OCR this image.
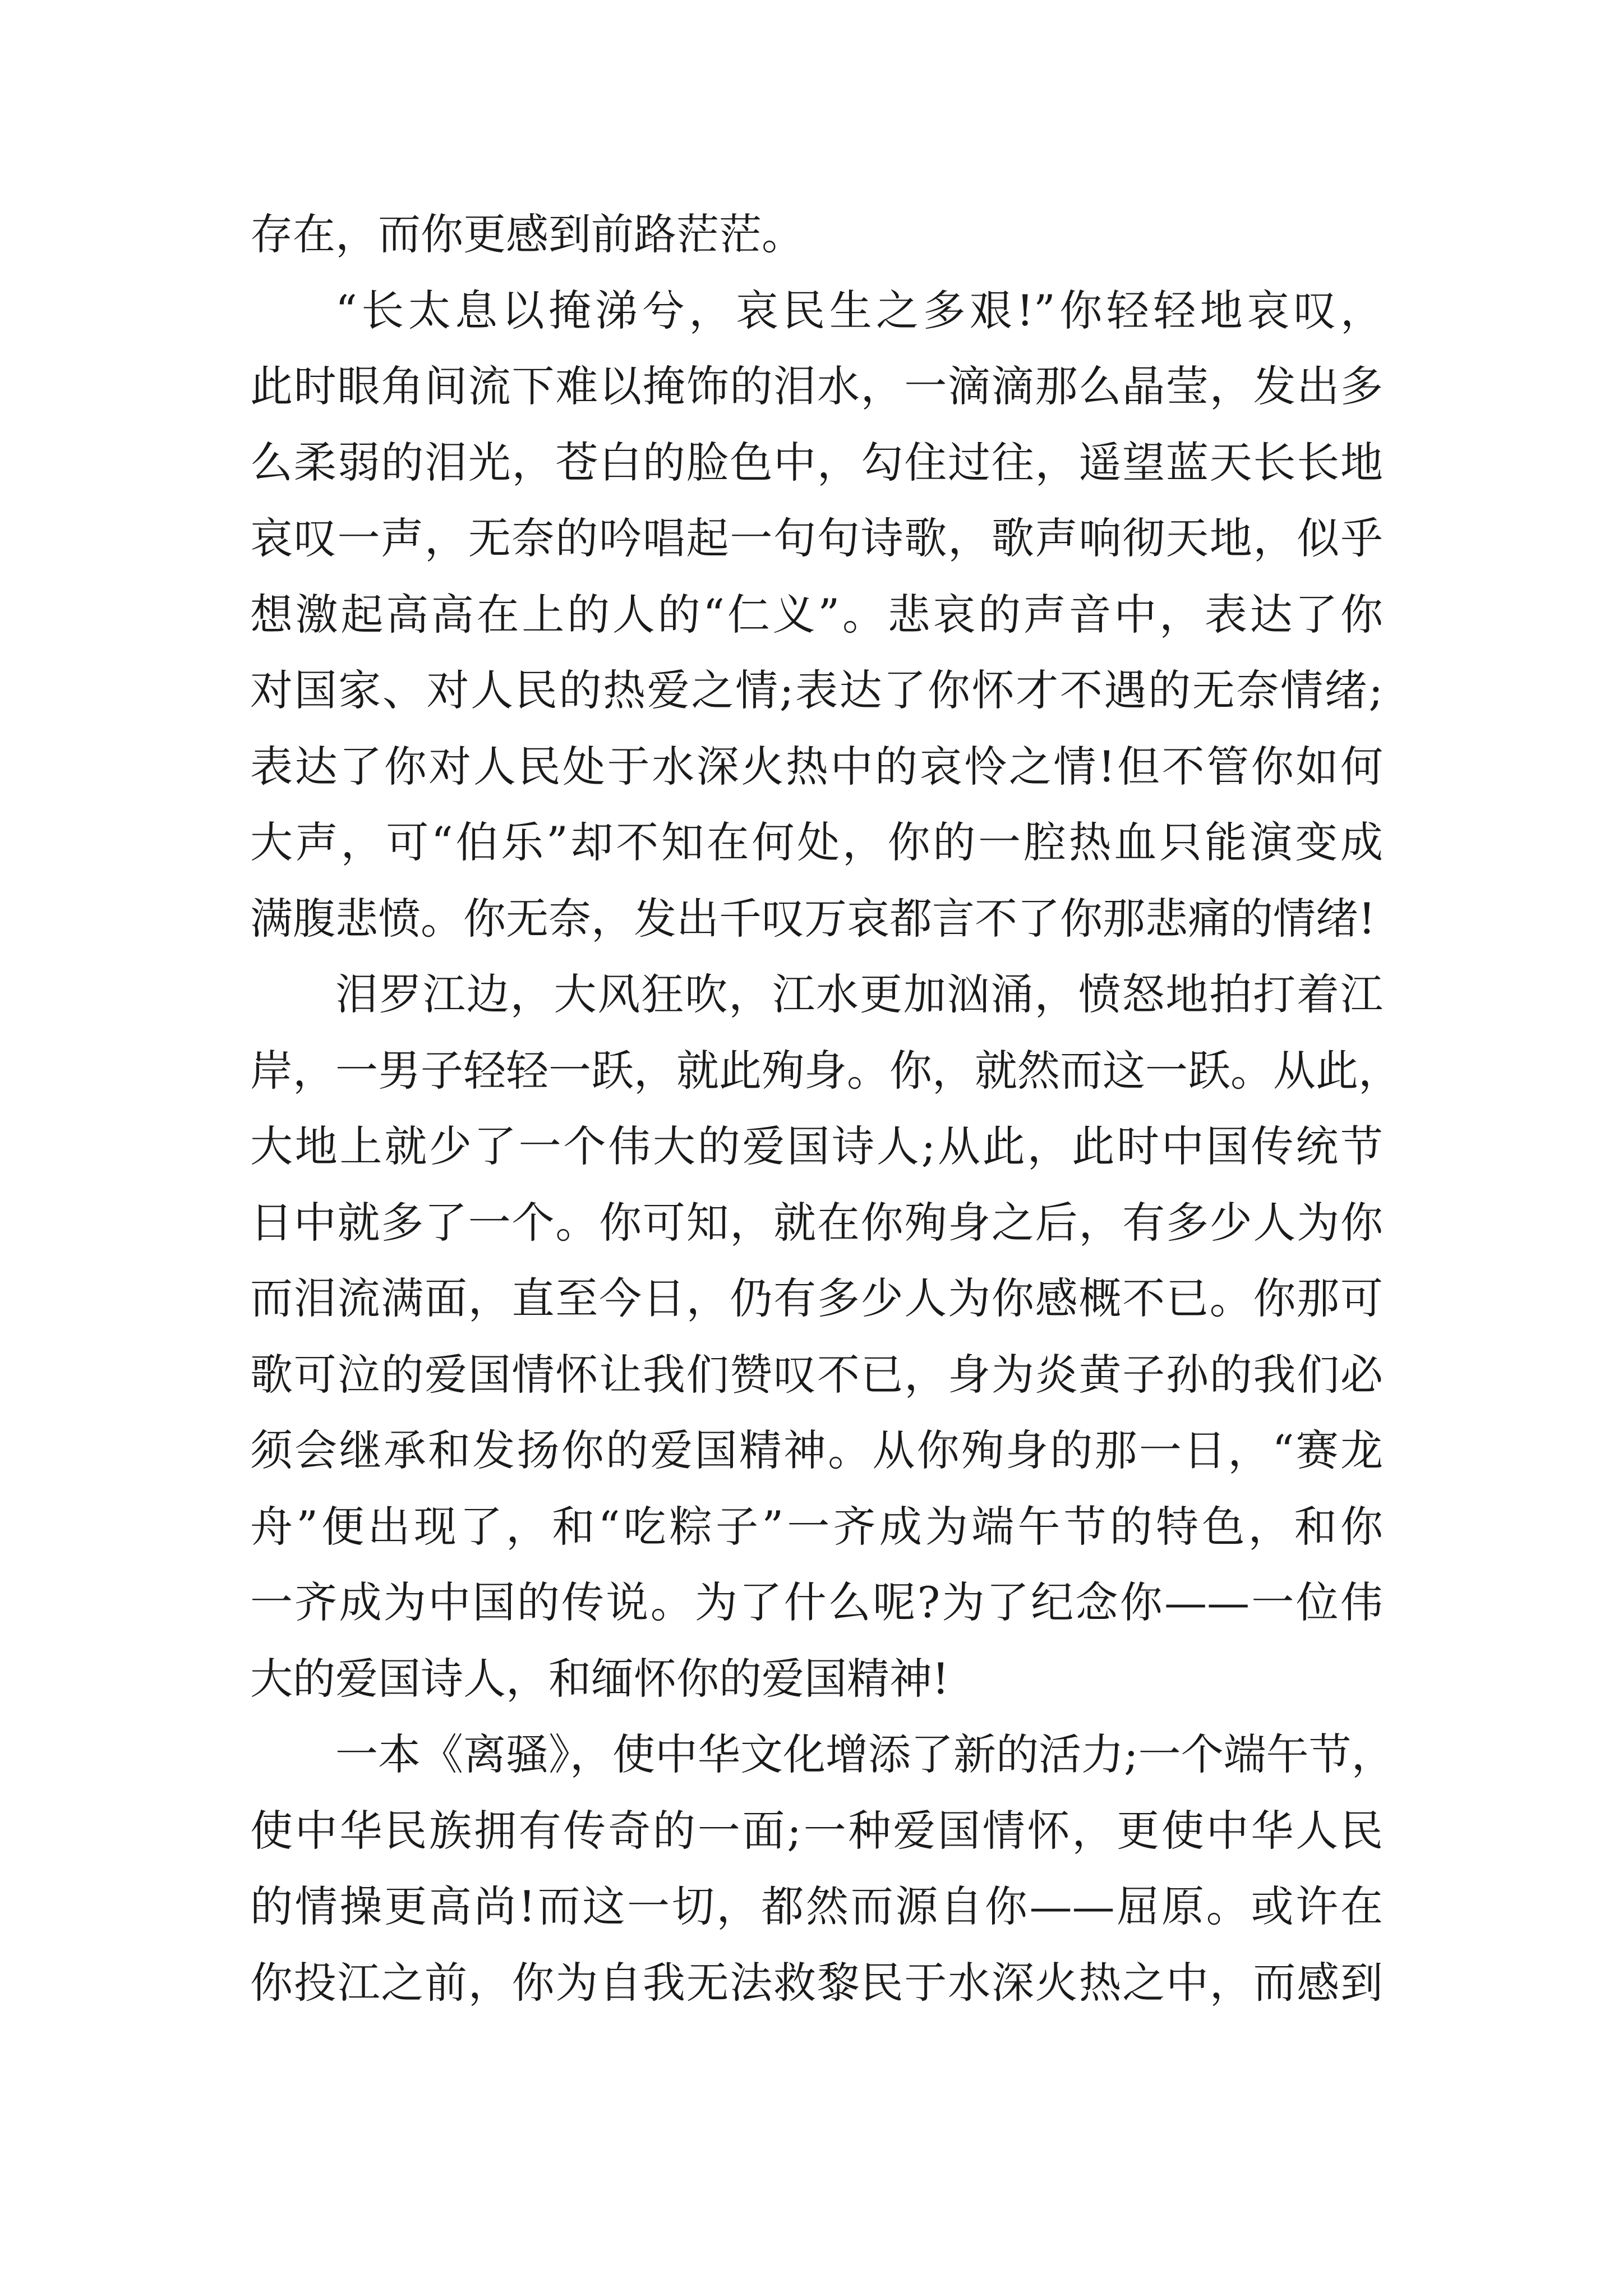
存在，而你更感到前路茫茫。
“长太息以掩涕兮，哀民生之多艰!”你轻轻地哀叹，
此时眼角间流下难以掩饰的泪水，一滴滴那么晶莹，发出多
么柔弱的泪光，苍白的脸色中，勾住过往，遥望蓝天长长地
哀叹一声，无奈的吟唱起一句句诗歌，歌声响彻天地，似乎
想激起高高在上的人的“仁义”。悲哀的声音中，表达了你
对国家、对人民的热爱之情;表达了你怀才不遇的无奈情绪;
表达了你对人民处于水深火热中的哀怜之情!但不管你如何
大声，可“伯乐”却不知在何处，你的一腔热血只能演变成
满腹悲愤。你无奈，发出千叹万哀都言不了你那悲痛的情绪!
泪罗江边，大风狂吹，江水更加汹涌，愤怒地拍打着江
岸，一男子轻轻一跃，就此殉身。你，就然而这一跃。从此，
大地上就少了一个伟大的爱国诗人;从此，此时中国传统节
日中就多了一个。你可知，就在你殉身之后，有多少人为你
而泪流满面，直至今日，仍有多少人为你感概不已。你那可
歌可泣的爱国情怀让我们赞叹不已，身为炎黄子孙的我们必
须会继承和发扬你的爱国精神。从你殉身的那一日，“赛龙
舟”便出现了，和“吃粽子”一齐成为端午节的特色，和你
一齐成为中国的传说。为了什么呢?为了纪念你——一位伟
大的爱国诗人，和缅怀你的爱国精神!
一本《离骚》，使中华文化增添了新的活力;一个端午节，
使中华民族拥有传奇的一面;一种爱国情怀，更使中华人民
的情操更高尚!而这一切，都然而源自你——屈原。或许在
你投江之前，你为自我无法救黎民于水深火热之中，而感到
